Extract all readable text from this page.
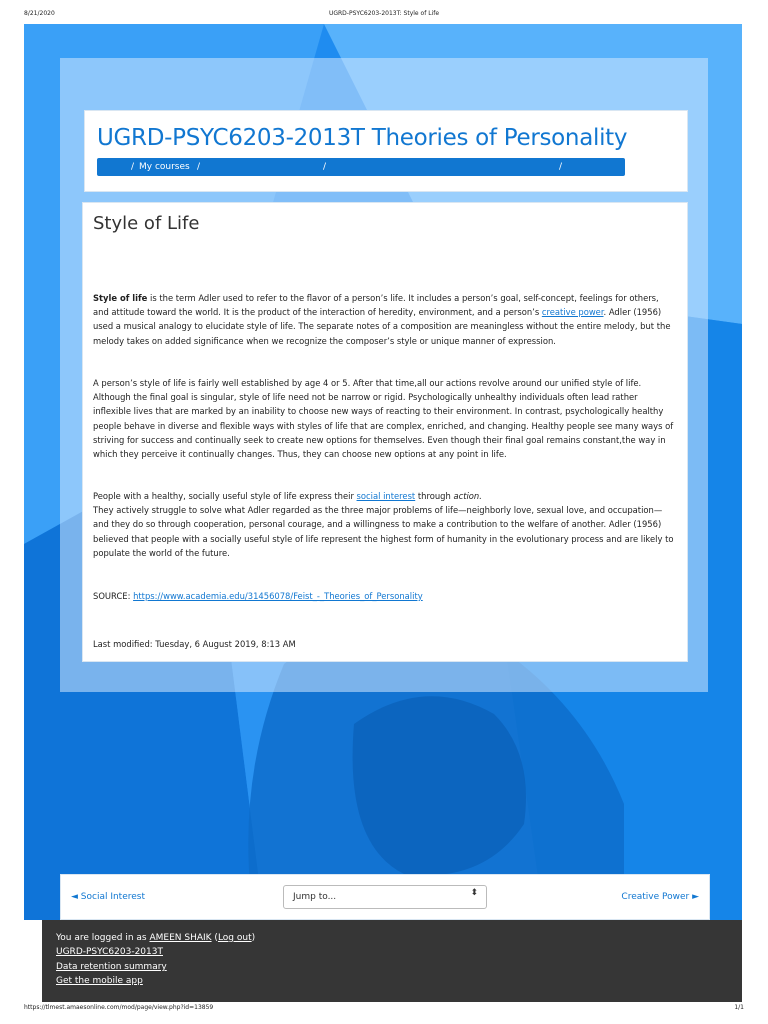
8/21/2020	UGRD-PSYC6203-2013T: Style of Life
UGRD-PSYC6203-2013T Theories of Personality
/ My courses /	/	/
Style of Life

Style of life is the term Adler used to refer to the flavor of a person’s life. It includes a person’s goal, self-concept, feelings for others, and attitude toward the world. It is the product of the interaction of heredity, environment, and a person’s creative power. Adler (1956) used a musical analogy to elucidate style of life. The separate notes of a composition are meaningless without the entire melody, but the melody takes on added significance when we recognize the composer’s style or unique manner of expression.

A person’s style of life is fairly well established by age 4 or 5. After that time,all our actions revolve around our unified style of life. Although the final goal is singular, style of life need not be narrow or rigid. Psychologically unhealthy individuals often lead rather inflexible lives that are marked by an inability to choose new ways of reacting to their environment. In contrast, psychologically healthy people behave in diverse and flexible ways with styles of life that are complex, enriched, and changing. Healthy people see many ways of striving for success and continually seek to create new options for themselves. Even though their final goal remains constant,the way in which they perceive it continually changes. Thus, they can choose new options at any point in life.

People with a healthy, socially useful style of life express their social interest through action.
They actively struggle to solve what Adler regarded as the three major problems of life—neighborly love, sexual love, and occupation—and they do so through cooperation, personal courage, and a willingness to make a contribution to the welfare of another. Adler (1956) believed that people with a socially useful style of life represent the highest form of humanity in the evolutionary process and are likely to populate the world of the future.

SOURCE: https://www.academia.edu/31456078/Feist_-_Theories_of_Personality

Last modified: Tuesday, 6 August 2019, 8:13 AM

◄ Social Interest	Jump to...	⬍	Creative Power ►
You are logged in as AMEEN SHAIK (Log out)
UGRD-PSYC6203-2013T
Data retention summary
Get the mobile app
https://tlmest.amaesonline.com/mod/page/view.php?id=13859	1/1
